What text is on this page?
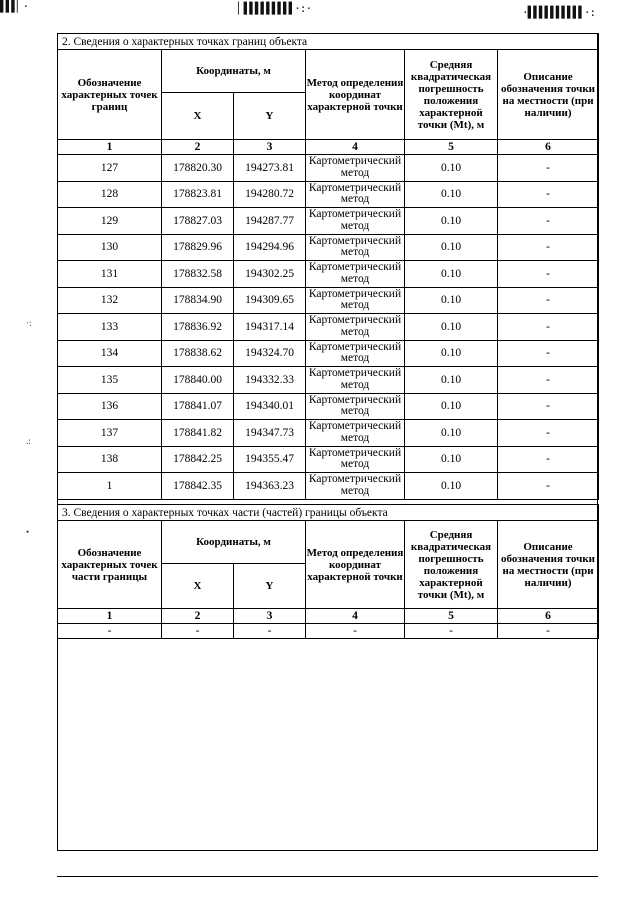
▌▌▌▏·	▏▌▌▌▌▌▌▌▌▌·:·	·▌▌▌▌▌▌▌▌▌▌·:
·:
.:
•
2. Сведения о характерных точках границ объекта					
Обозначение характерных точек границ	Координаты, м		Метод определения координат характерной точки	Средняя квадратическая погрешность положения характерной точки (Mt), м	Описание обозначения точки на местности (при наличии)
	X	Y			
1	2	3	4	5	6
127	178820.30	194273.81	Картометрический метод	0.10	-
128	178823.81	194280.72	Картометрический метод	0.10	-
129	178827.03	194287.77	Картометрический метод	0.10	-
130	178829.96	194294.96	Картометрический метод	0.10	-
131	178832.58	194302.25	Картометрический метод	0.10	-
132	178834.90	194309.65	Картометрический метод	0.10	-
133	178836.92	194317.14	Картометрический метод	0.10	-
134	178838.62	194324.70	Картометрический метод	0.10	-
135	178840.00	194332.33	Картометрический метод	0.10	-
136	178841.07	194340.01	Картометрический метод	0.10	-
137	178841.82	194347.73	Картометрический метод	0.10	-
138	178842.25	194355.47	Картометрический метод	0.10	-
1	178842.35	194363.23	Картометрический метод	0.10	-
3. Сведения о характерных точках части (частей) границы объекта					
Обозначение характерных точек части границы	Координаты, м		Метод определения координат характерной точки	Средняя квадратическая погрешность положения характерной точки (Mt), м	Описание обозначения точки на местности (при наличии)
	X	Y			
1	2	3	4	5	6
-	-	-	-	-	-
